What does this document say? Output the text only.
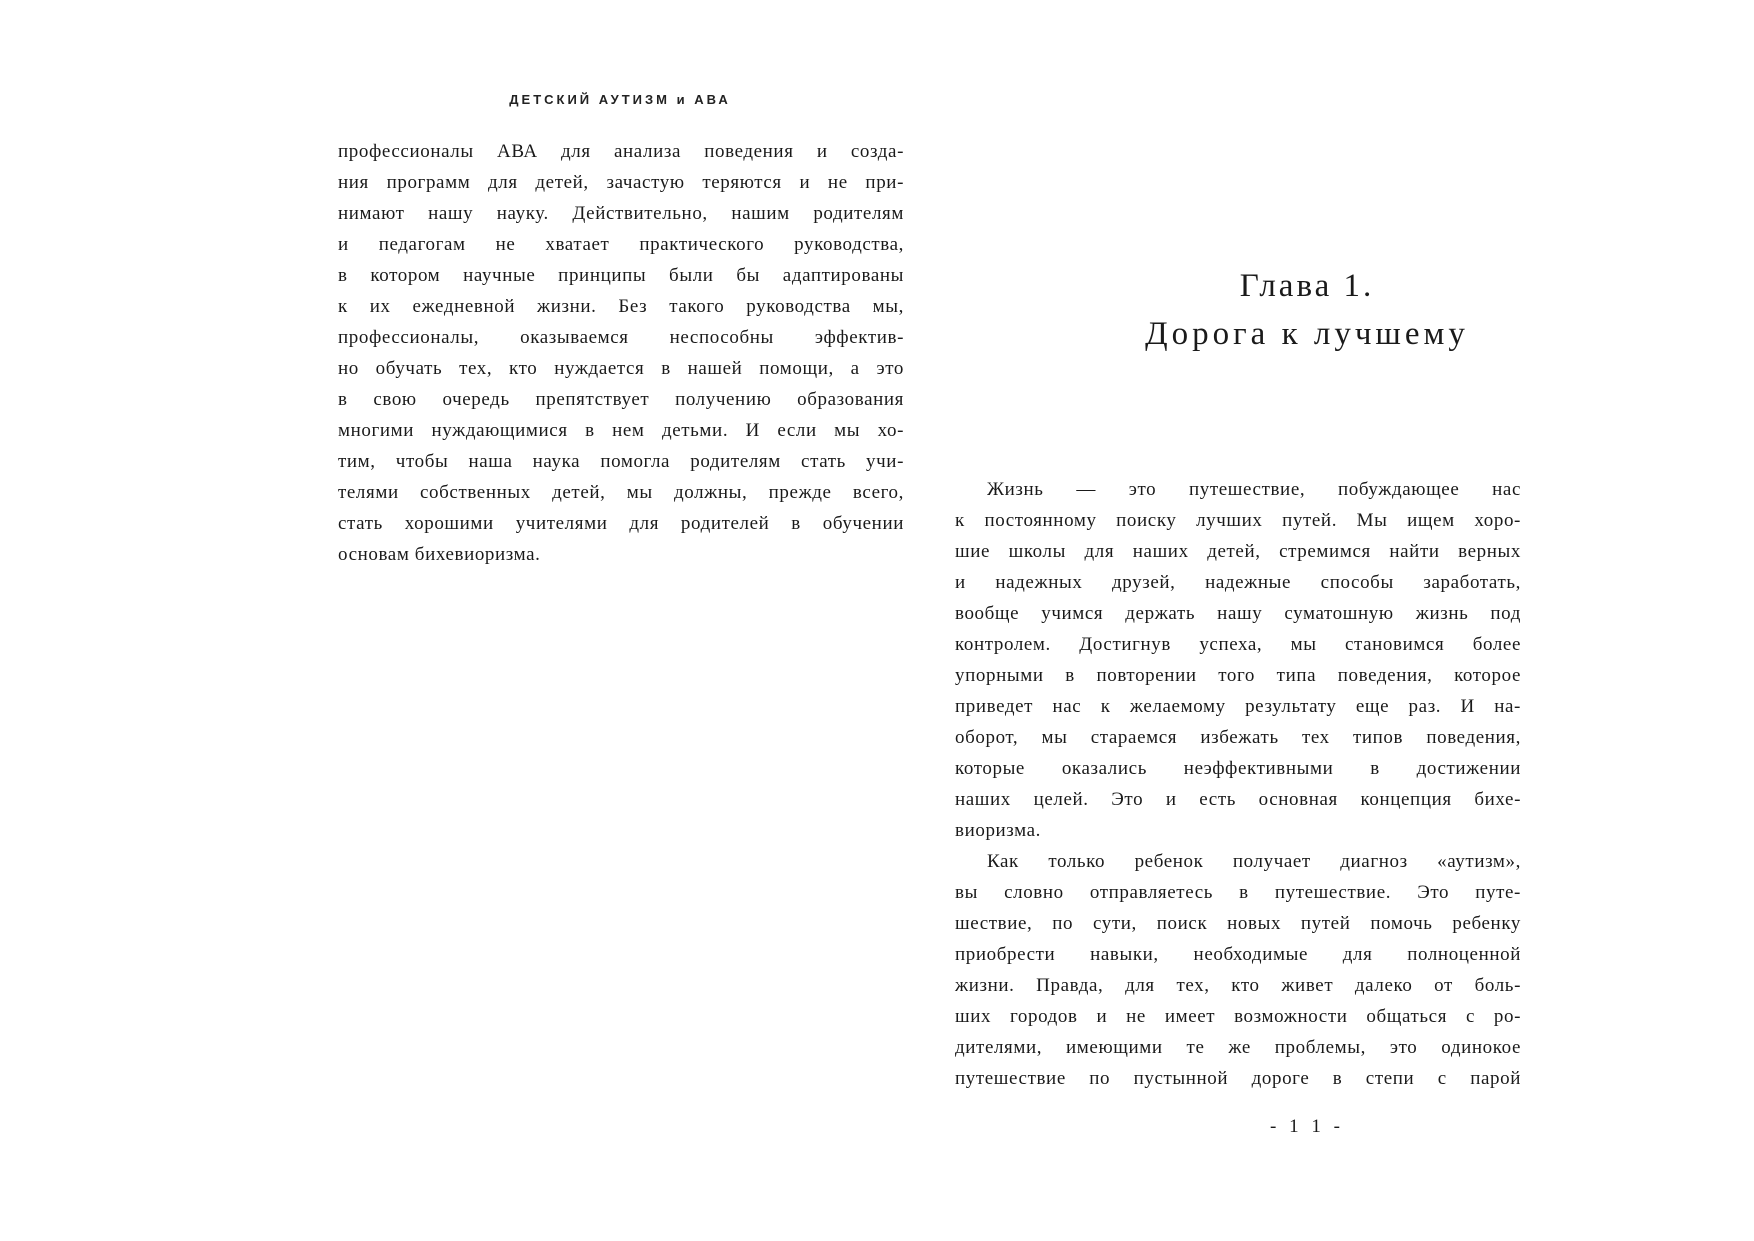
ДЕТСКИЙ АУТИЗМ и АВА
профессионалы АВА для анализа поведения и созда-
ния программ для детей, зачастую теряются и не при-
нимают нашу науку. Действительно, нашим родителям
и педагогам не хватает практического руководства,
в котором научные принципы были бы адаптированы
к их ежедневной жизни. Без такого руководства мы,
профессионалы, оказываемся неспособны эффектив-
но обучать тех, кто нуждается в нашей помощи, а это
в свою очередь препятствует получению образования
многими нуждающимися в нем детьми. И если мы хо-
тим, чтобы наша наука помогла родителям стать учи-
телями собственных детей, мы должны, прежде всего,
стать хорошими учителями для родителей в обучении
основам бихевиоризма.
Глава 1.
Дорога к лучшему
Жизнь — это путешествие, побуждающее нас
к постоянному поиску лучших путей. Мы ищем хоро-
шие школы для наших детей, стремимся найти верных
и надежных друзей, надежные способы заработать,
вообще учимся держать нашу суматошную жизнь под
контролем. Достигнув успеха, мы становимся более
упорными в повторении того типа поведения, которое
приведет нас к желаемому результату еще раз. И на-
оборот, мы стараемся избежать тех типов поведения,
которые оказались неэффективными в достижении
наших целей. Это и есть основная концепция бихе-
виоризма.
Как только ребенок получает диагноз «аутизм»,
вы словно отправляетесь в путешествие. Это путе-
шествие, по сути, поиск новых путей помочь ребенку
приобрести навыки, необходимые для полноценной
жизни. Правда, для тех, кто живет далеко от боль-
ших городов и не имеет возможности общаться с ро-
дителями, имеющими те же проблемы, это одинокое
путешествие по пустынной дороге в степи с парой
- 1 1 -
